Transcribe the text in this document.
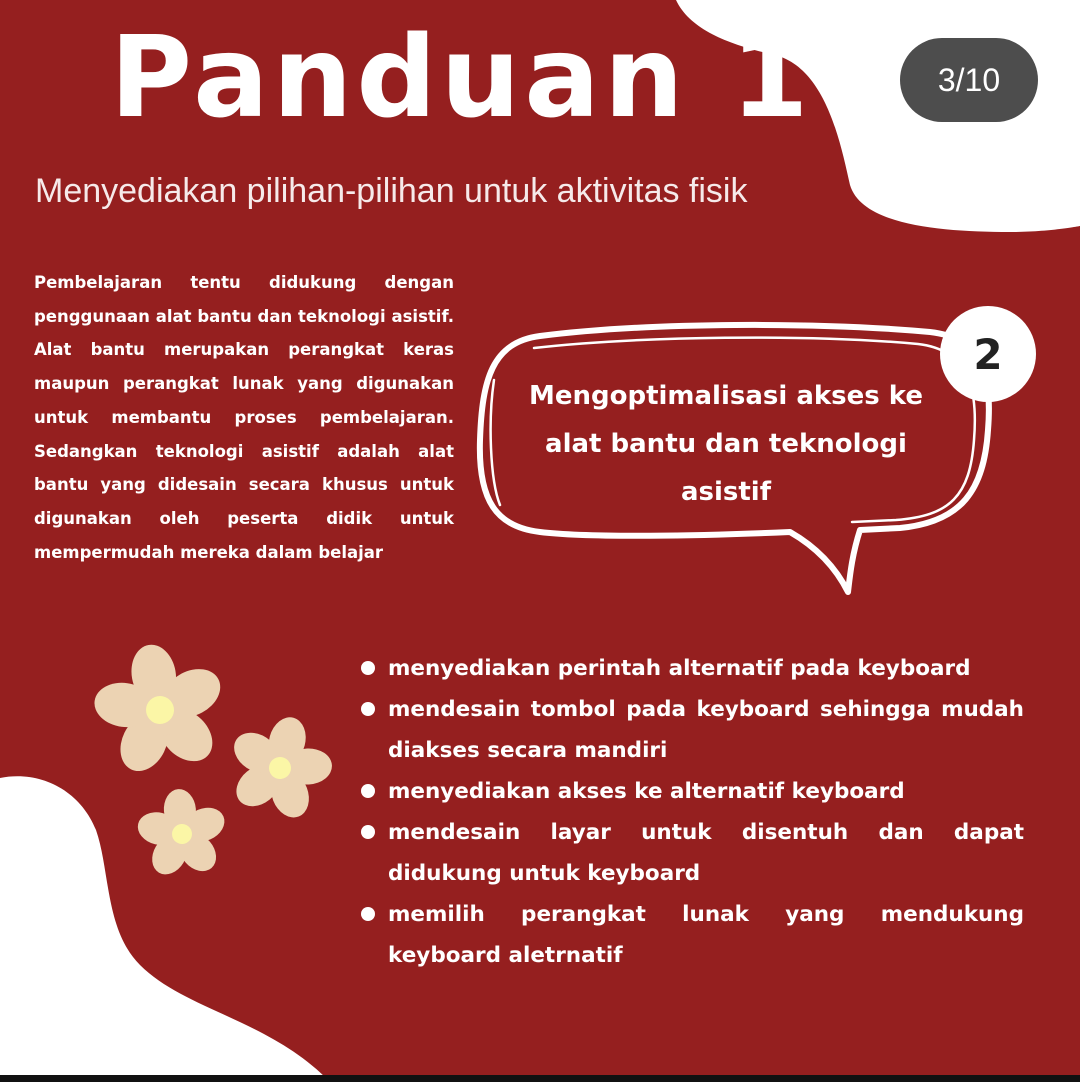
Panduan 1

Menyediakan pilihan-pilihan untuk aktivitas fisik

3/10

Pembelajaran tentu didukung dengan penggunaan alat bantu dan teknologi asistif. Alat bantu merupakan perangkat keras maupun perangkat lunak yang digunakan untuk membantu proses pembelajaran. Sedangkan teknologi asistif adalah alat bantu yang didesain secara khusus untuk digunakan oleh peserta didik untuk mempermudah mereka dalam belajar

Mengoptimalisasi akses ke alat bantu dan teknologi asistif

2
menyediakan perintah alternatif pada keyboard
mendesain tombol pada keyboard sehingga mudah diakses secara mandiri
menyediakan akses ke alternatif keyboard
mendesain layar untuk disentuh dan dapat didukung untuk keyboard
memilih perangkat lunak yang mendukung keyboard aletrnatif
